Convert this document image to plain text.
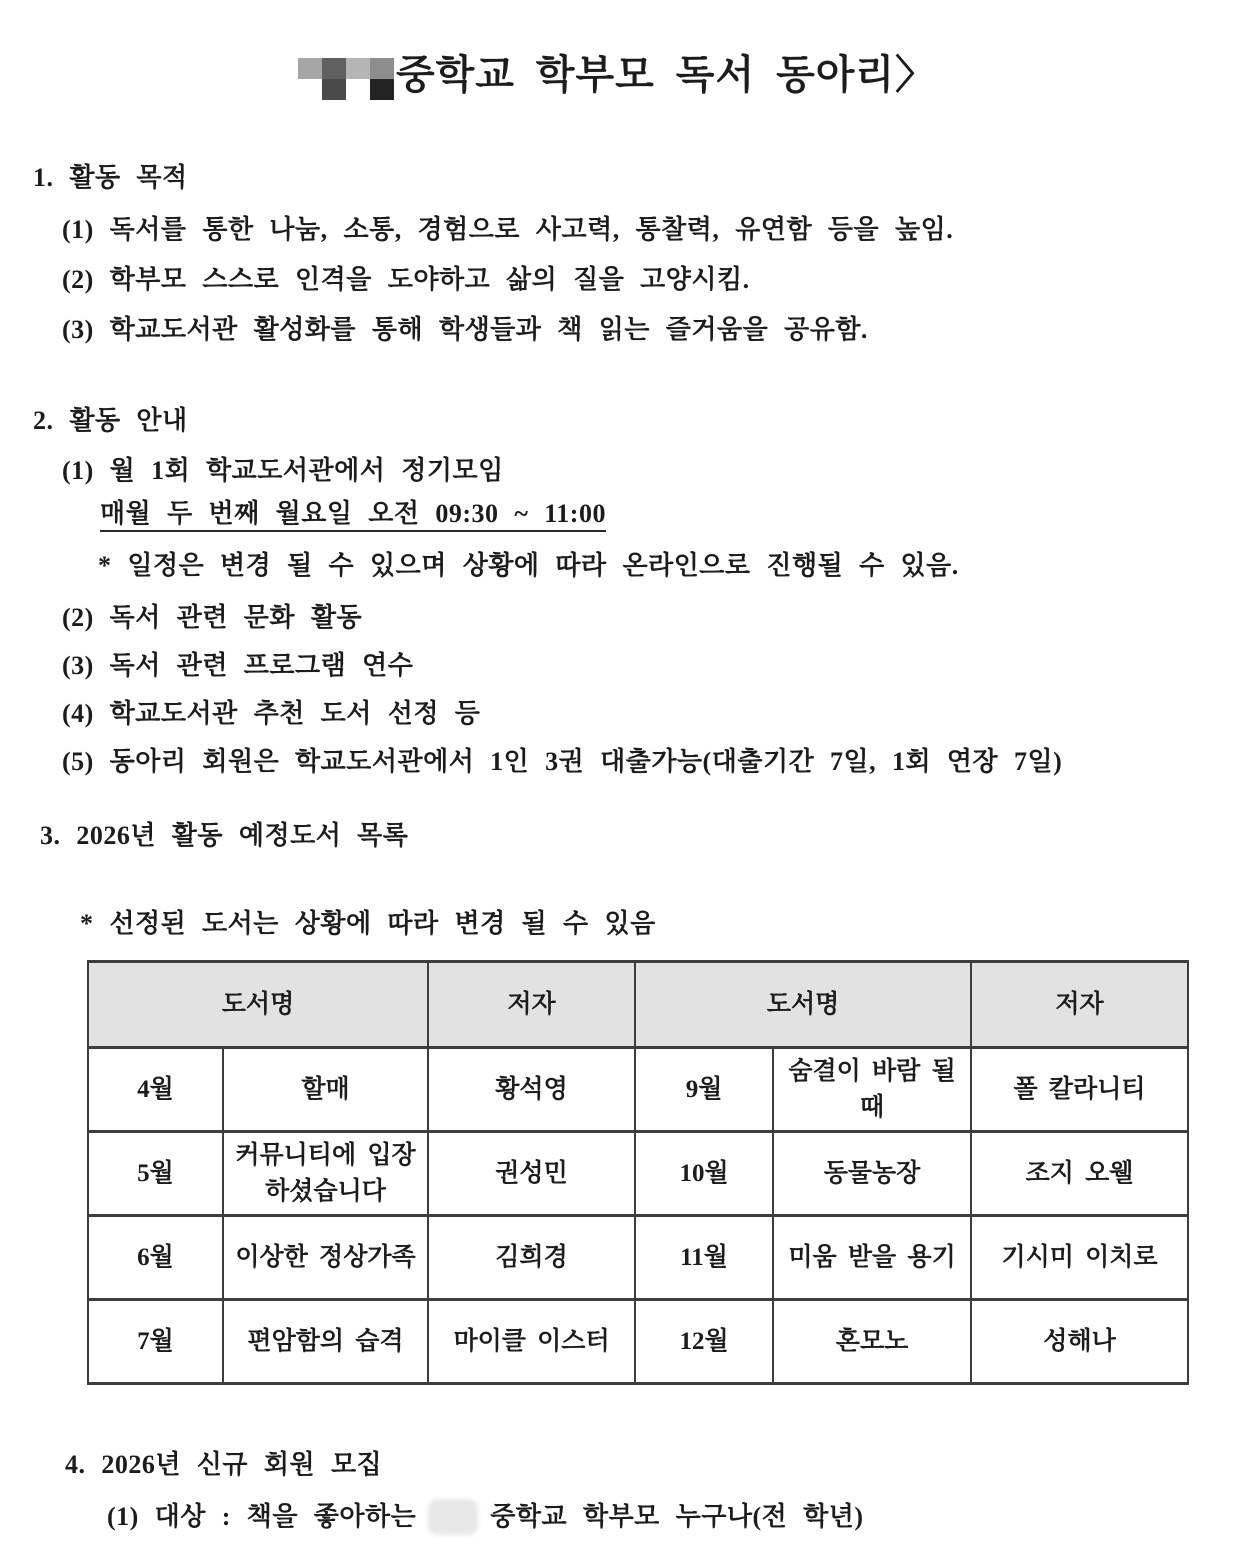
중학교 학부모 독서 동아리〉
1. 활동 목적
(1) 독서를 통한 나눔, 소통, 경험으로 사고력, 통찰력, 유연함 등을 높임.
(2) 학부모 스스로 인격을 도야하고 삶의 질을 고양시킴.
(3) 학교도서관 활성화를 통해 학생들과 책 읽는 즐거움을 공유함.
2. 활동 안내
(1) 월 1회 학교도서관에서 정기모임
매월 두 번째 월요일 오전 09:30 ~ 11:00
* 일정은 변경 될 수 있으며 상황에 따라 온라인으로 진행될 수 있음.
(2) 독서 관련 문화 활동
(3) 독서 관련 프로그램 연수
(4) 학교도서관 추천 도서 선정 등
(5) 동아리 회원은 학교도서관에서 1인 3권 대출가능(대출기간 7일, 1회 연장 7일)
3. 2026년 활동 예정도서 목록
* 선정된 도서는 상황에 따라 변경 될 수 있음
도서명		저자	도서명		저자
4월	할매	황석영	9월	숨결이 바람 될 때	폴 칼라니티
5월	커뮤니티에 입장하셨습니다	권성민	10월	동물농장	조지 오웰
6월	이상한 정상가족	김희경	11월	미움 받을 용기	기시미 이치로
7월	편암함의 습격	마이클 이스터	12월	혼모노	성해나
4. 2026년 신규 회원 모집
(1) 대상 : 책을 좋아하는	중학교 학부모 누구나(전 학년)
